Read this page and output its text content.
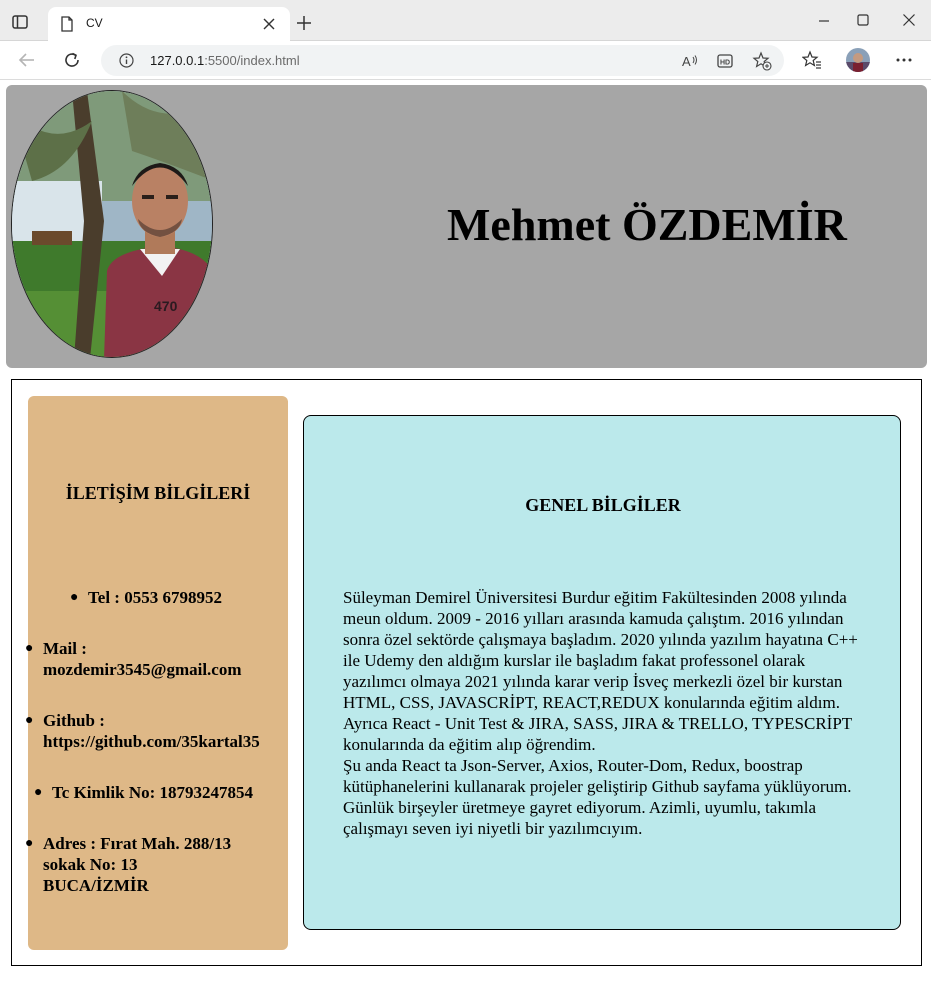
CV
127.0.0.1:5500/index.html	A	HD
470
Mehmet ÖZDEMİR
İLETİŞİM BİLGİLERİ
● Tel : 0553 6798952
● Mail :
mozdemir3545@gmail.com
● Github :
https://github.com/35kartal35
● Tc Kimlik No: 18793247854
● Adres : Fırat Mah. 288/13
sokak No: 13
BUCA/İZMİR
GENEL BİLGİLER

Süleyman Demirel Üniversitesi Burdur eğitim Fakültesinden 2008 yılında meun oldum. 2009 - 2016 yılları arasında kamuda çalıştım. 2016 yılından sonra özel sektörde çalışmaya başladım. 2020 yılında yazılım hayatına C++ ile Udemy den aldığım kurslar ile başladım fakat professonel olarak yazılımcı olmaya 2021 yılında karar verip İsveç merkezli özel bir kurstan HTML, CSS, JAVASCRİPT, REACT,REDUX konularında eğitim aldım. Ayrıca React - Unit Test & JIRA, SASS, JIRA & TRELLO, TYPESCRİPT konularında da eğitim alıp öğrendim.

Şu anda React ta Json-Server, Axios, Router-Dom, Redux, boostrap kütüphanelerini kullanarak projeler geliştirip Github sayfama yüklüyorum. Günlük birşeyler üretmeye gayret ediyorum. Azimli, uyumlu, takımla çalışmayı seven iyi niyetli bir yazılımcıyım.
